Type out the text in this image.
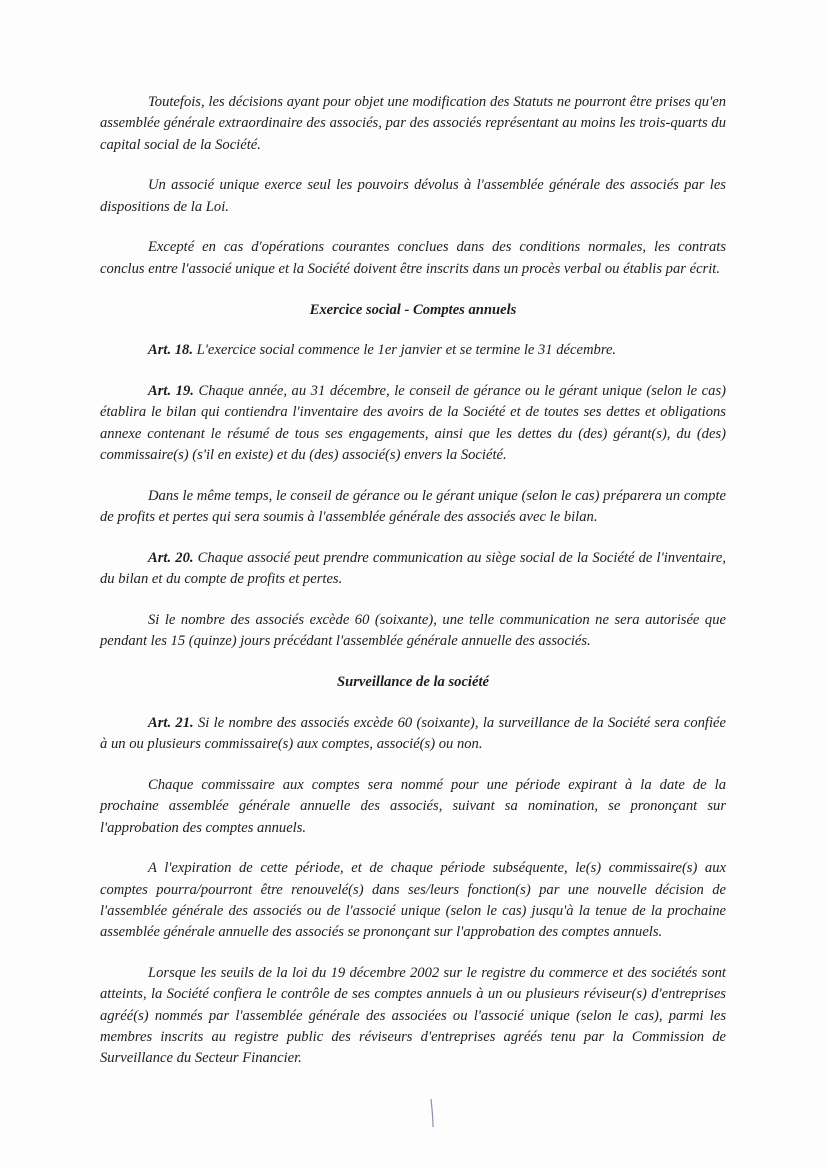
Toutefois, les décisions ayant pour objet une modification des Statuts ne pourront être prises qu'en assemblée générale extraordinaire des associés, par des associés représentant au moins les trois-quarts du capital social de la Société.

Un associé unique exerce seul les pouvoirs dévolus à l'assemblée générale des associés par les dispositions de la Loi.

Excepté en cas d'opérations courantes conclues dans des conditions normales, les contrats conclus entre l'associé unique et la Société doivent être inscrits dans un procès verbal ou établis par écrit.

Exercice social - Comptes annuels

Art. 18. L'exercice social commence le 1er janvier et se termine le 31 décembre.

Art. 19. Chaque année, au 31 décembre, le conseil de gérance ou le gérant unique (selon le cas) établira le bilan qui contiendra l'inventaire des avoirs de la Société et de toutes ses dettes et obligations annexe contenant le résumé de tous ses engagements, ainsi que les dettes du (des) gérant(s), du (des) commissaire(s) (s'il en existe) et du (des) associé(s) envers la Société.

Dans le même temps, le conseil de gérance ou le gérant unique (selon le cas) préparera un compte de profits et pertes qui sera soumis à l'assemblée générale des associés avec le bilan.

Art. 20. Chaque associé peut prendre communication au siège social de la Société de l'inventaire, du bilan et du compte de profits et pertes.

Si le nombre des associés excède 60 (soixante), une telle communication ne sera autorisée que pendant les 15 (quinze) jours précédant l'assemblée générale annuelle des associés.

Surveillance de la société

Art. 21. Si le nombre des associés excède 60 (soixante), la surveillance de la Société sera confiée à un ou plusieurs commissaire(s) aux comptes, associé(s) ou non.

Chaque commissaire aux comptes sera nommé pour une période expirant à la date de la prochaine assemblée générale annuelle des associés, suivant sa nomination, se prononçant sur l'approbation des comptes annuels.

A l'expiration de cette période, et de chaque période subséquente, le(s) commissaire(s) aux comptes pourra/pourront être renouvelé(s) dans ses/leurs fonction(s) par une nouvelle décision de l'assemblée générale des associés ou de l'associé unique (selon le cas) jusqu'à la tenue de la prochaine assemblée générale annuelle des associés se prononçant sur l'approbation des comptes annuels.

Lorsque les seuils de la loi du 19 décembre 2002 sur le registre du commerce et des sociétés sont atteints, la Société confiera le contrôle de ses comptes annuels à un ou plusieurs réviseur(s) d'entreprises agréé(s) nommés par l'assemblée générale des associées ou l'associé unique (selon le cas), parmi les membres inscrits au registre public des réviseurs d'entreprises agréés tenu par la Commission de Surveillance du Secteur Financier.
